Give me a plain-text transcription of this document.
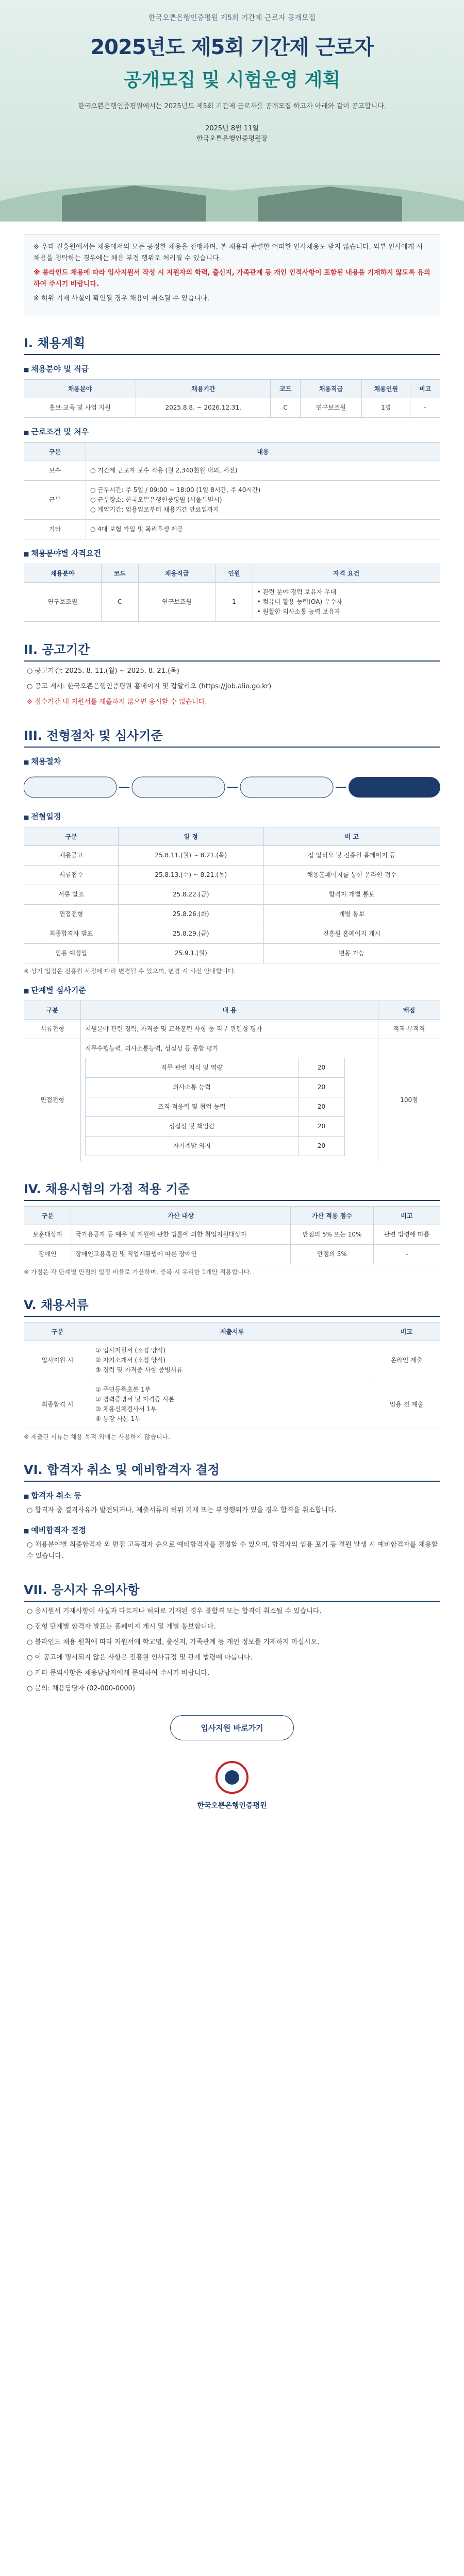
한국오쁜은행인증평원 제5회 기간제 근로자 공개모집
2025년도 제5회 기간제 근로자
공개모집 및 시험운영 계획
한국오쁜은행인증평원에서는 2025년도 제5회 기간제 근로자를 공개모집 하고자 아래와 같이 공고합니다.
2025년 8월 11일
한국오쁜은행인증평원장

※ 우리 진흥원에서는 채용에서의 모든 공정한 채용을 진행하며, 본 채용과 관련한 어떠한 인사채용도 받지 않습니다. 외부 인사에게 시 채용을 청탁하는 경우에는 채용 부정 행위로 처리될 수 있습니다.

※ 블라인드 채용에 따라 입사지원서 작성 시 지원자의 학력, 출신지, 가족관계 등 개인 인적사항이 포함된 내용을 기재하지 않도록 유의하여 주시기 바랍니다.

※ 허위 기재 사실이 확인될 경우 채용이 취소될 수 있습니다.

I. 채용계획
■ 채용분야 및 직급
채용분야	채용기간	코드	채용직급	채용인원	비고
홍보·교육 및 사업 지원	2025.8.8. ~ 2026.12.31.	C	연구보조원	1명	-
■ 근로조건 및 처우
구분	내용
보수	○ 기간제 근로자 보수 적용 (월 2,340천원 내외, 세전)
근무	○ 근무시간: 주 5일 / 09:00 ~ 18:00 (1일 8시간, 주 40시간)
○ 근무장소: 한국오쁜은행인증평원 (서울특별시)
○ 계약기간: 임용일로부터 채용기간 만료일까지
기타	○ 4대 보험 가입 및 복리후생 제공
■ 채용분야별 자격요건
채용분야	코드	채용직급	인원	자격 요건
연구보조원	C	연구보조원	1	• 관련 분야 경력 보유자 우대
• 컴퓨터 활용 능력(OA) 우수자
• 원활한 의사소통 능력 보유자
II. 공고기간
○ 공고기간: 2025. 8. 11.(월) ~ 2025. 8. 21.(목)
○ 공고 게시: 한국오쁜은행인증평원 홈페이지 및 잡알리오 (https://job.alio.go.kr)
※ 접수기간 내 지원서를 제출하지 않으면 응시할 수 없습니다.
III. 전형절차 및 심사기준
■ 채용절차
■ 전형일정
구분	일 정	비 고
채용공고	25.8.11.(월) ~ 8.21.(목)	잡 알리오 및 진흥원 홈페이지 등
서류접수	25.8.13.(수) ~ 8.21.(목)	채용홈페이지를 통한 온라인 접수
서류 발표	25.8.22.(금)	합격자 개별 통보
면접전형	25.8.26.(화)	개별 통보
최종합격자 발표	25.8.29.(금)	진흥원 홈페이지 게시
임용 예정일	25.9.1.(월)	변동 가능
※ 상기 일정은 진흥원 사정에 따라 변경될 수 있으며, 변경 시 사전 안내합니다.
■ 단계별 심사기준
구분	내 용	배점
서류전형	지원분야 관련 경력, 자격증 및 교육훈련 사항 등 직무 관련성 평가	적격·부적격
면접전형	
직무수행능력, 의사소통능력, 성실성 등 종합 평가
직무 관련 지식 및 역량	20
의사소통 능력	20
조직 적응력 및 협업 능력	20
성실성 및 책임감	20
자기계발 의지	20
	100점
IV. 채용시험의 가점 적용 기준
구분	가산 대상	가산 적용 점수	비고
보훈대상자	국가유공자 등 예우 및 지원에 관한 법률에 의한 취업지원대상자	만점의 5% 또는 10%	관련 법령에 따름
장애인	장애인고용촉진 및 직업재활법에 따른 장애인	만점의 5%	-
※ 가점은 각 단계별 만점의 일정 비율로 가산하며, 중복 시 유리한 1개만 적용합니다.
V. 채용서류
구분	제출서류	비고
입사지원 시	① 입사지원서 (소정 양식)
② 자기소개서 (소정 양식)
③ 경력 및 자격증 사항 증빙서류	온라인 제출
최종합격 시	① 주민등록초본 1부
② 경력증명서 및 자격증 사본
③ 채용신체검사서 1부
④ 통장 사본 1부	임용 전 제출
※ 제출된 서류는 채용 목적 외에는 사용하지 않습니다.
VI. 합격자 취소 및 예비합격자 결정
■ 합격자 취소 등
○ 합격자 중 결격사유가 발견되거나, 제출서류의 허위 기재 또는 부정행위가 있을 경우 합격을 취소합니다.
■ 예비합격자 결정
○ 채용분야별 최종합격자 외 면접 고득점자 순으로 예비합격자를 결정할 수 있으며, 합격자의 임용 포기 등 결원 발생 시 예비합격자를 채용할 수 있습니다.
VII. 응시자 유의사항
○ 응시원서 기재사항이 사실과 다르거나 허위로 기재된 경우 불합격 또는 합격이 취소될 수 있습니다.
○ 전형 단계별 합격자 발표는 홈페이지 게시 및 개별 통보합니다.
○ 블라인드 채용 원칙에 따라 지원서에 학교명, 출신지, 가족관계 등 개인 정보를 기재하지 마십시오.
○ 이 공고에 명시되지 않은 사항은 진흥원 인사규정 및 관계 법령에 따릅니다.
○ 기타 문의사항은 채용담당자에게 문의하여 주시기 바랍니다.
○ 문의: 채용담당자 (02-000-0000)
입사지원 바로가기
한국오쁜은행인증평원
